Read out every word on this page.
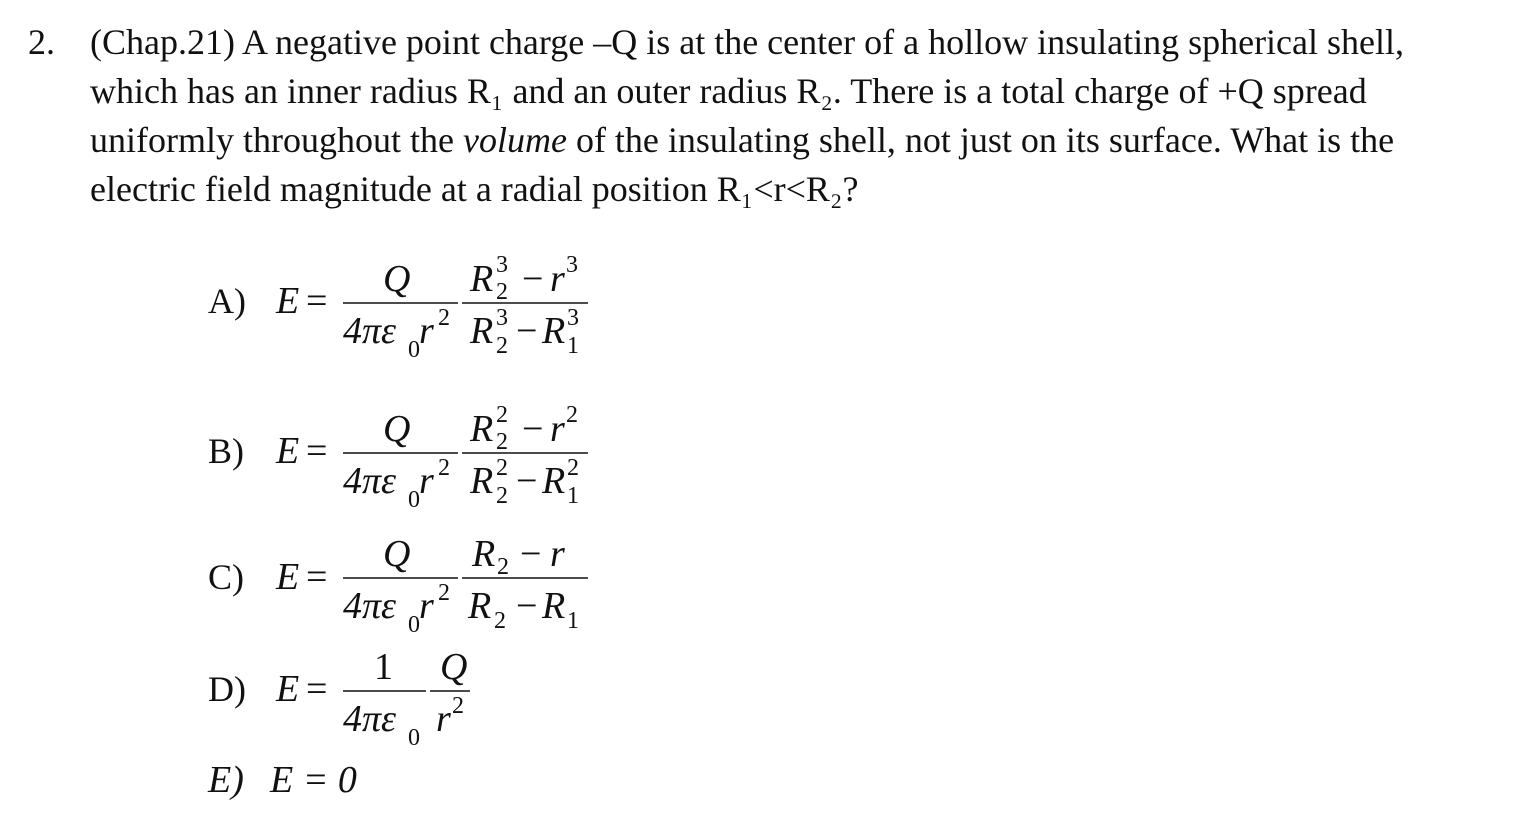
2. (Chap.21) A negative point charge –Q is at the center of a hollow insulating spherical shell, which has an inner radius R₁ and an outer radius R₂. There is a total charge of +Q spread uniformly throughout the volume of the insulating shell, not just on its surface. What is the electric field magnitude at a radial position R₁<r<R₂?
A) E =
Q
4πε 0 r 2
R 3
2 − r 3
R 3
2 − R 3
1
B) E =
Q
4πε 0 r 2
R 2
2 − r 2
R 2
2 − R 2
1
C) E =
Q
4πε 0 r 2
R 2 − r
R 2 − R 1
D) E =
1
4πε 0
Q
r 2
E) E = 0
